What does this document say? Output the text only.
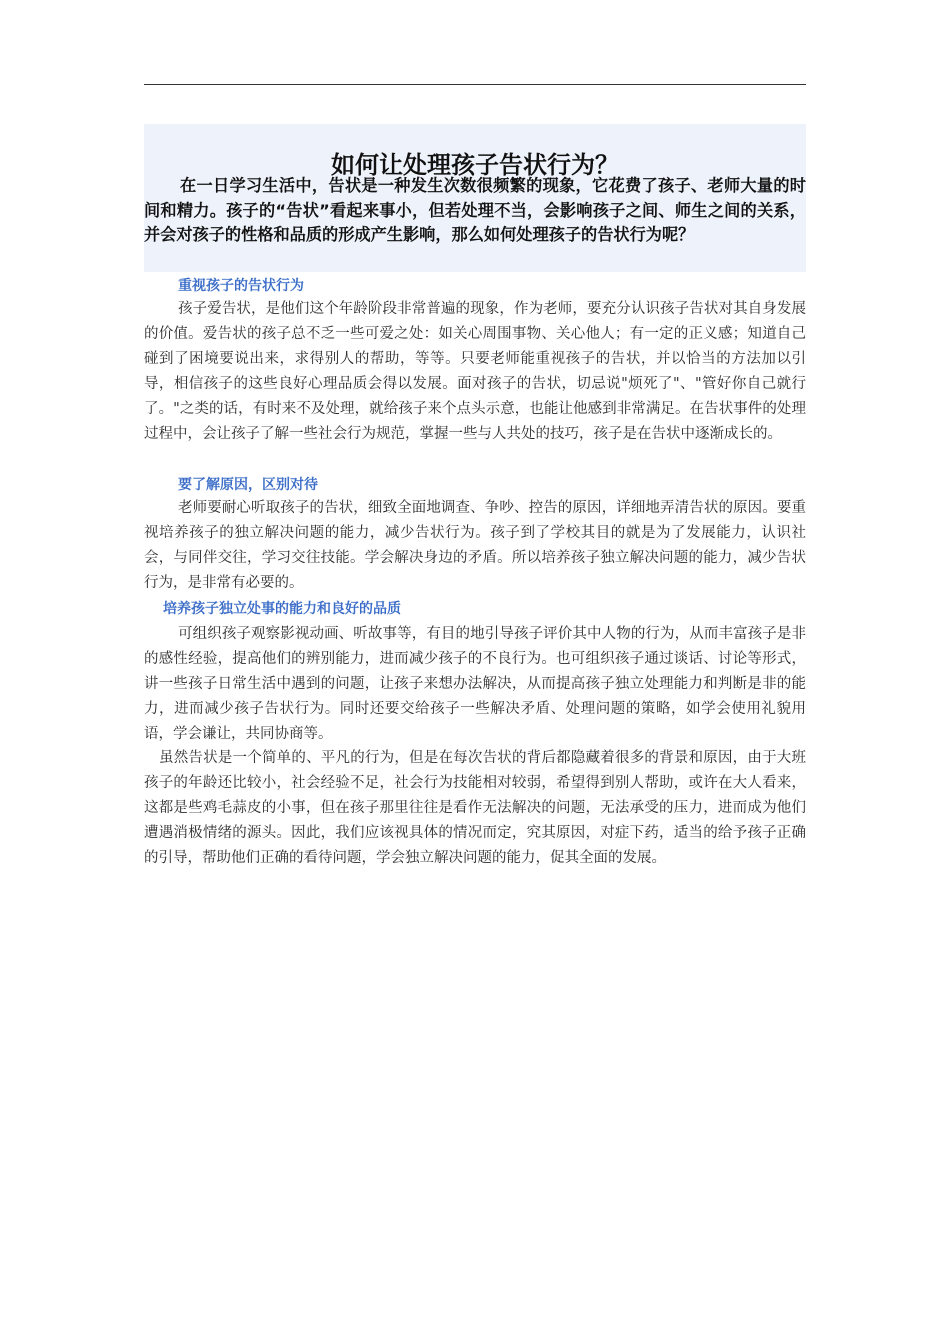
如何让处理孩子告状行为？

在一日学习生活中，告状是一种发生次数很频繁的现象，它花费了孩子、老师大量的时间和精力。孩子的“告状”看起来事小，但若处理不当，会影响孩子之间、师生之间的关系，并会对孩子的性格和品质的形成产生影响，那么如何处理孩子的告状行为呢？

重视孩子的告状行为

孩子爱告状，是他们这个年龄阶段非常普遍的现象，作为老师，要充分认识孩子告状对其自身发展的价值。爱告状的孩子总不乏一些可爱之处：如关心周围事物、关心他人；有一定的正义感；知道自己碰到了困境要说出来，求得别人的帮助，等等。只要老师能重视孩子的告状，并以恰当的方法加以引导，相信孩子的这些良好心理品质会得以发展。面对孩子的告状，切忌说"烦死了"、"管好你自己就行了。"之类的话，有时来不及处理，就给孩子来个点头示意，也能让他感到非常满足。在告状事件的处理过程中，会让孩子了解一些社会行为规范，掌握一些与人共处的技巧，孩子是在告状中逐渐成长的。

要了解原因，区别对待

老师要耐心听取孩子的告状，细致全面地调查、争吵、控告的原因，详细地弄清告状的原因。要重视培养孩子的独立解决问题的能力，减少告状行为。孩子到了学校其目的就是为了发展能力，认识社会，与同伴交往，学习交往技能。学会解决身边的矛盾。所以培养孩子独立解决问题的能力，减少告状行为，是非常有必要的。

培养孩子独立处事的能力和良好的品质

可组织孩子观察影视动画、听故事等，有目的地引导孩子评价其中人物的行为，从而丰富孩子是非的感性经验，提高他们的辨别能力，进而减少孩子的不良行为。也可组织孩子通过谈话、讨论等形式，讲一些孩子日常生活中遇到的问题，让孩子来想办法解决，从而提高孩子独立处理能力和判断是非的能力，进而减少孩子告状行为。同时还要交给孩子一些解决矛盾、处理问题的策略，如学会使用礼貌用语，学会谦让，共同协商等。

虽然告状是一个简单的、平凡的行为，但是在每次告状的背后都隐藏着很多的背景和原因，由于大班孩子的年龄还比较小，社会经验不足，社会行为技能相对较弱，希望得到别人帮助，或许在大人看来，这都是些鸡毛蒜皮的小事，但在孩子那里往往是看作无法解决的问题，无法承受的压力，进而成为他们遭遇消极情绪的源头。因此，我们应该视具体的情况而定，究其原因，对症下药，适当的给予孩子正确的引导，帮助他们正确的看待问题，学会独立解决问题的能力，促其全面的发展。
